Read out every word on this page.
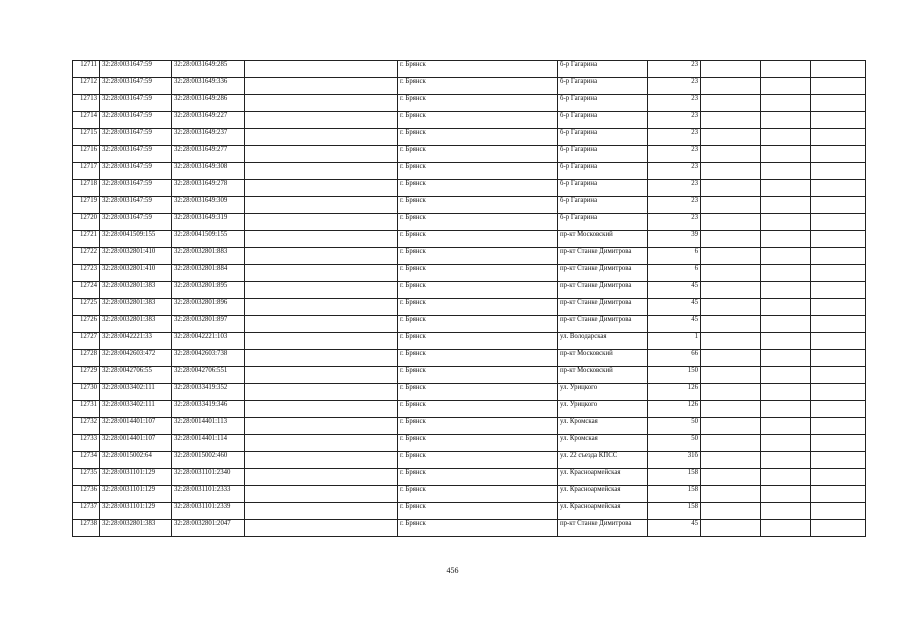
12711	32:28:0031647:59	32:28:0031649:285		г. Брянск	б-р Гагарина	23			
12712	32:28:0031647:59	32:28:0031649:336		г. Брянск	б-р Гагарина	23			
12713	32:28:0031647:59	32:28:0031649:286		г. Брянск	б-р Гагарина	23			
12714	32:28:0031647:59	32:28:0031649:227		г. Брянск	б-р Гагарина	23			
12715	32:28:0031647:59	32:28:0031649:237		г. Брянск	б-р Гагарина	23			
12716	32:28:0031647:59	32:28:0031649:277		г. Брянск	б-р Гагарина	23			
12717	32:28:0031647:59	32:28:0031649:308		г. Брянск	б-р Гагарина	23			
12718	32:28:0031647:59	32:28:0031649:278		г. Брянск	б-р Гагарина	23			
12719	32:28:0031647:59	32:28:0031649:309		г. Брянск	б-р Гагарина	23			
12720	32:28:0031647:59	32:28:0031649:319		г. Брянск	б-р Гагарина	23			
12721	32:28:0041509:155	32:28:0041509:155		г. Брянск	пр-кт Московский	39			
12722	32:28:0032801:410	32:28:0032801:883		г. Брянск	пр-кт Станке Димитрова	6			
12723	32:28:0032801:410	32:28:0032801:884		г. Брянск	пр-кт Станке Димитрова	6			
12724	32:28:0032801:383	32:28:0032801:895		г. Брянск	пр-кт Станке Димитрова	45			
12725	32:28:0032801:383	32:28:0032801:896		г. Брянск	пр-кт Станке Димитрова	45			
12726	32:28:0032801:383	32:28:0032801:897		г. Брянск	пр-кт Станке Димитрова	45			
12727	32:28:0042221:33	32:28:0042221:103		г. Брянск	ул. Володарская	1			
12728	32:28:0042603:472	32:28:0042603:738		г. Брянск	пр-кт Московский	66			
12729	32:28:0042706:55	32:28:0042706:551		г. Брянск	пр-кт Московский	150			
12730	32:28:0033402:111	32:28:0033419:352		г. Брянск	ул. Урицкого	126			
12731	32:28:0033402:111	32:28:0033419:346		г. Брянск	ул. Урицкого	126			
12732	32:28:0014401:107	32:28:0014401:113		г. Брянск	ул. Кромская	50			
12733	32:28:0014401:107	32:28:0014401:114		г. Брянск	ул. Кромская	50			
12734	32:28:0015002:64	32:28:0015002:460		г. Брянск	ул. 22 съезда КПСС	31б			
12735	32:28:0031101:129	32:28:0031101:2340		г. Брянск	ул. Красноармейская	158			
12736	32:28:0031101:129	32:28:0031101:2333		г. Брянск	ул. Красноармейская	158			
12737	32:28:0031101:129	32:28:0031101:2339		г. Брянск	ул. Красноармейская	158			
12738	32:28:0032801:383	32:28:0032801:2047		г. Брянск	пр-кт Станке Димитрова	45			
456
